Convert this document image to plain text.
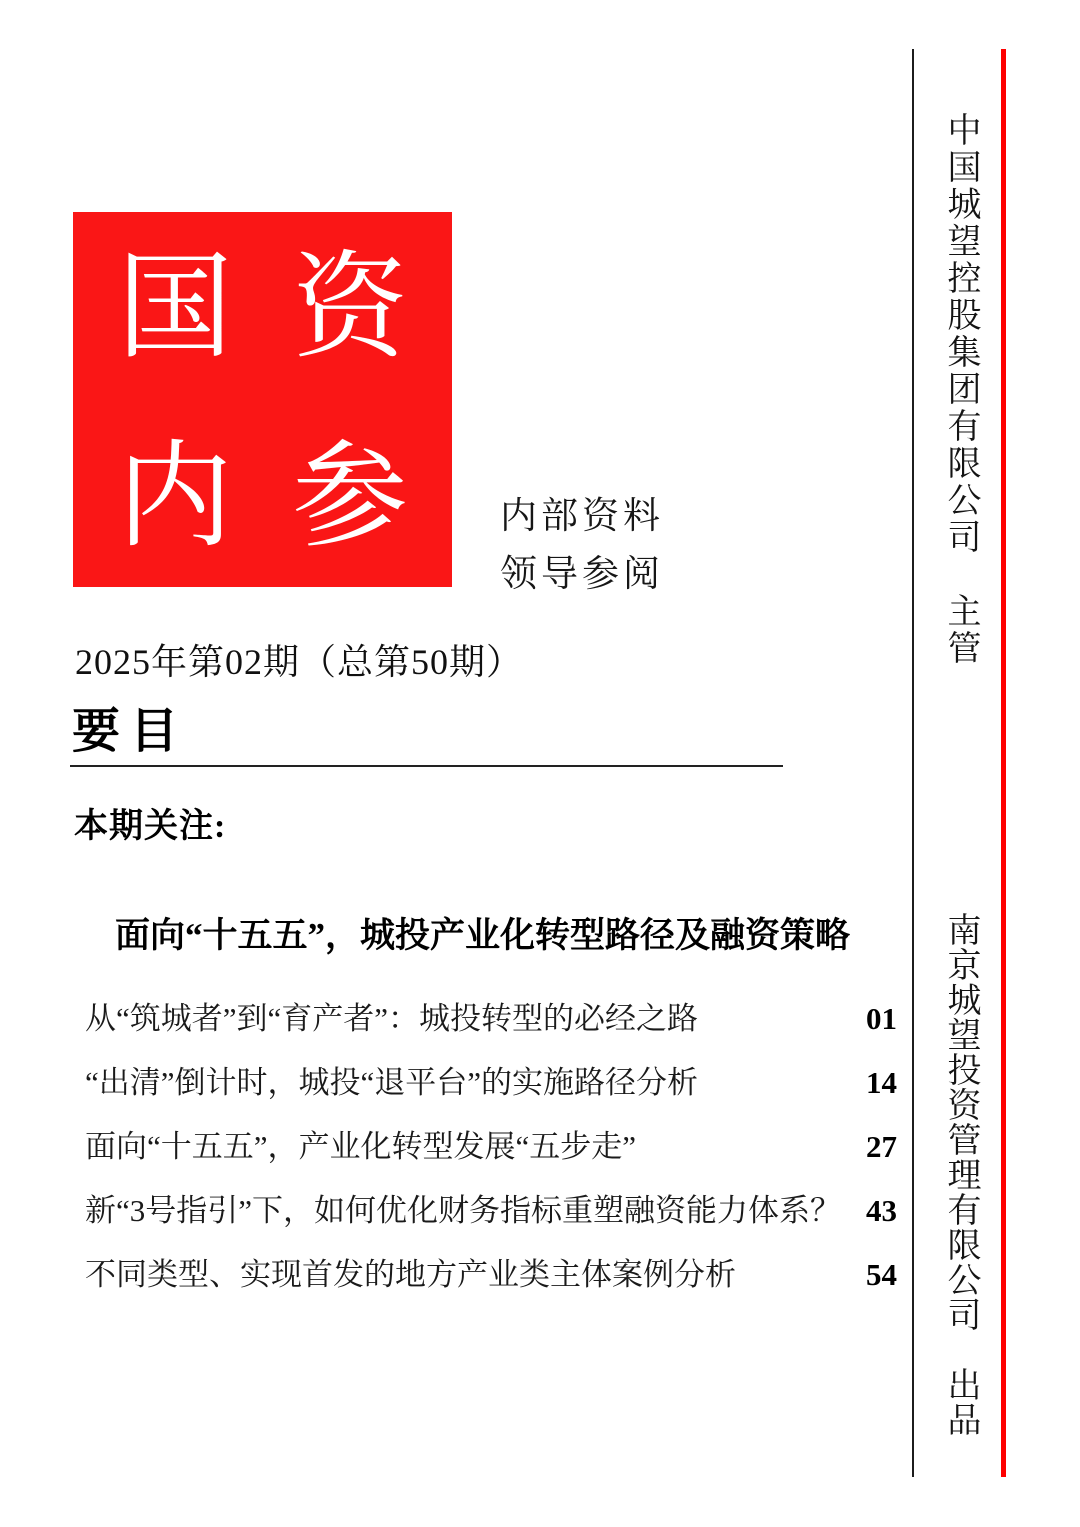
国 资
内 参 内部资料
领导参阅
2025年第02期（总第50期）
要目
本期关注:
面向“十五五”，城投产业化转型路径及融资策略
从“筑城者”到“育产者”：城投转型的必经之路	01
“出清”倒计时，城投“退平台”的实施路径分析	14
面向“十五五”，产业化转型发展“五步走”	27
新“3号指引”下，如何优化财务指标重塑融资能力体系？ 43
不同类型、实现首发的地方产业类主体案例分析	54
中国城望控股集团有限公司　主管
南京城望投资管理有限公司　出品
